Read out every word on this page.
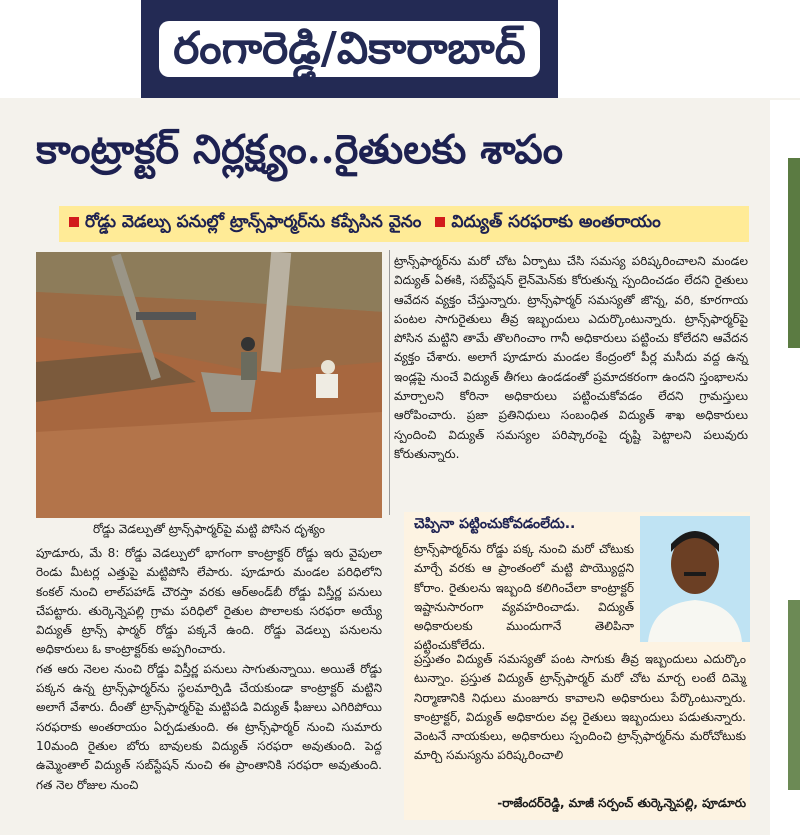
రంగారెడ్డి/వికారాబాద్
కాంట్రాక్టర్ నిర్లక్ష్యం..రైతులకు శాపం
రోడ్డు వెడల్పు పనుల్లో ట్రాన్స్‌ఫార్మర్‌ను కప్పేసిన వైనం	విద్యుత్ సరఫరాకు అంతరాయం
రోడ్డు వెడల్పుతో ట్రాన్స్‌ఫార్మర్‌పై మట్టి పోసిన దృశ్యం

పూడూరు, మే 8: రోడ్డు వెడల్పులో భాగంగా కాంట్రాక్టర్ రోడ్డు ఇరు వైపులా రెండు మీటర్ల ఎత్తుపై మట్టిపోసి లేపారు. పూడూరు మండల పరిధిలోని కంకల్ నుంచి లాల్‌పహాడ్ చౌరస్తా వరకు ఆర్‌అండ్‌బీ రోడ్డు విస్తీర్ణ పనులు చేపట్టారు. తుర్కెన్నెపల్లి గ్రామ పరిధిలో రైతుల పొలాలకు సరఫరా అయ్యే విద్యుత్ ట్రాన్స్ ఫార్మర్ రోడ్డు పక్కనే ఉంది. రోడ్డు వెడల్పు పనులను అధికారులు ఓ కాంట్రాక్టర్‌కు అప్పగించారు.

గత ఆరు నెలల నుంచి రోడ్డు విస్తీర్ణ పనులు సాగుతున్నాయి. అయితే రోడ్డు పక్కన ఉన్న ట్రాన్స్‌ఫార్మర్‌ను స్థలమార్పిడి చేయకుండా కాంట్రాక్టర్ మట్టిని అలాగే వేశారు. దీంతో ట్రాన్స్‌ఫార్మర్‌పై మట్టిపడి విద్యుత్ ఫీజులు ఎగిరిపోయి సరఫరాకు అంతరాయం ఏర్పడుతుంది. ఈ ట్రాన్స్‌ఫార్మర్ నుంచి సుమారు 10మంది రైతుల బోరు బావులకు విద్యుత్ సరఫరా అవుతుంది. పెద్ద ఉమ్మెంతాల్ విద్యుత్ సబ్‌స్టేషన్ నుంచి ఈ ప్రాంతానికి సరఫరా అవుతుంది. గత నెల రోజుల నుంచి

ట్రాన్స్‌ఫార్మర్‌ను మరో చోట ఏర్పాటు చేసి సమస్య పరిష్కరించాలని మండల విద్యుత్ ఏఈకి, సబ్‌స్టేషన్ లైన్‌మెన్‌కు కోరుతున్న స్పందించడం లేదని రైతులు ఆవేదన వ్యక్తం చేస్తున్నారు. ట్రాన్స్‌ఫార్మర్ సమస్యతో జొన్న, వరి, కూరగాయ పంటల సాగురైతులు తీవ్ర ఇబ్బందులు ఎదుర్కొంటున్నారు. ట్రాన్స్‌ఫార్మర్‌పై పోసిన మట్టిని తామే తొలగించాం గానీ అధికారులు పట్టించు కోలేదని ఆవేదన వ్యక్తం చేశారు. అలాగే పూడూరు మండల కేంద్రంలో పీర్ల మసీదు వద్ద ఉన్న ఇండ్లపై నుంచే విద్యుత్ తీగలు ఉండడంతో ప్రమాదకరంగా ఉందని స్తంభాలను మార్చాలని కోరినా అధికారులు పట్టించుకోవడం లేదని గ్రామస్తులు ఆరోపించారు. ప్రజా ప్రతినిధులు సంబంధిత విద్యుత్ శాఖ అధికారులు స్పందించి విద్యుత్ సమస్యల పరిష్కారంపై దృష్టి పెట్టాలని పలువురు కోరుతున్నారు.

చెప్పినా పట్టించుకోవడంలేదు..
ట్రాన్స్‌ఫార్మర్‌ను రోడ్డు పక్క నుంచి మరో చోటుకు మార్చే వరకు ఆ ప్రాంతంలో మట్టి పొయ్యొద్దని కోరాం. రైతులను ఇబ్బంది కలిగించేలా కాంట్రాక్టర్ ఇష్టానుసారంగా వ్యవహరించాడు. విద్యుత్ అధికారులకు ముందుగానే తెలిపినా పట్టించుకోలేదు.
ప్రస్తుతం విద్యుత్ సమస్యతో పంట సాగుకు తీవ్ర ఇబ్బందులు ఎదుర్కొం టున్నాం. ప్రస్తుత విద్యుత్ ట్రాన్స్‌ఫార్మర్ మరో చోట మార్చ లంటే దిమ్మె నిర్మాణానికి నిధులు మంజూరు కావాలని అధికారులు పేర్కొంటున్నారు. కాంట్రాక్టర్, విద్యుత్ అధికారుల వల్ల రైతులు ఇబ్బందులు పడుతున్నారు. వెంటనే నాయకులు, అధికారులు స్పందించి ట్రాన్స్‌ఫార్మర్‌ను మరోచోటుకు మార్చి సమస్యను పరిష్కరించాలి
-రాజేందర్‌రెడ్డి, మాజీ సర్పంచ్ తుర్కెన్నెపల్లి, పూడూరు
